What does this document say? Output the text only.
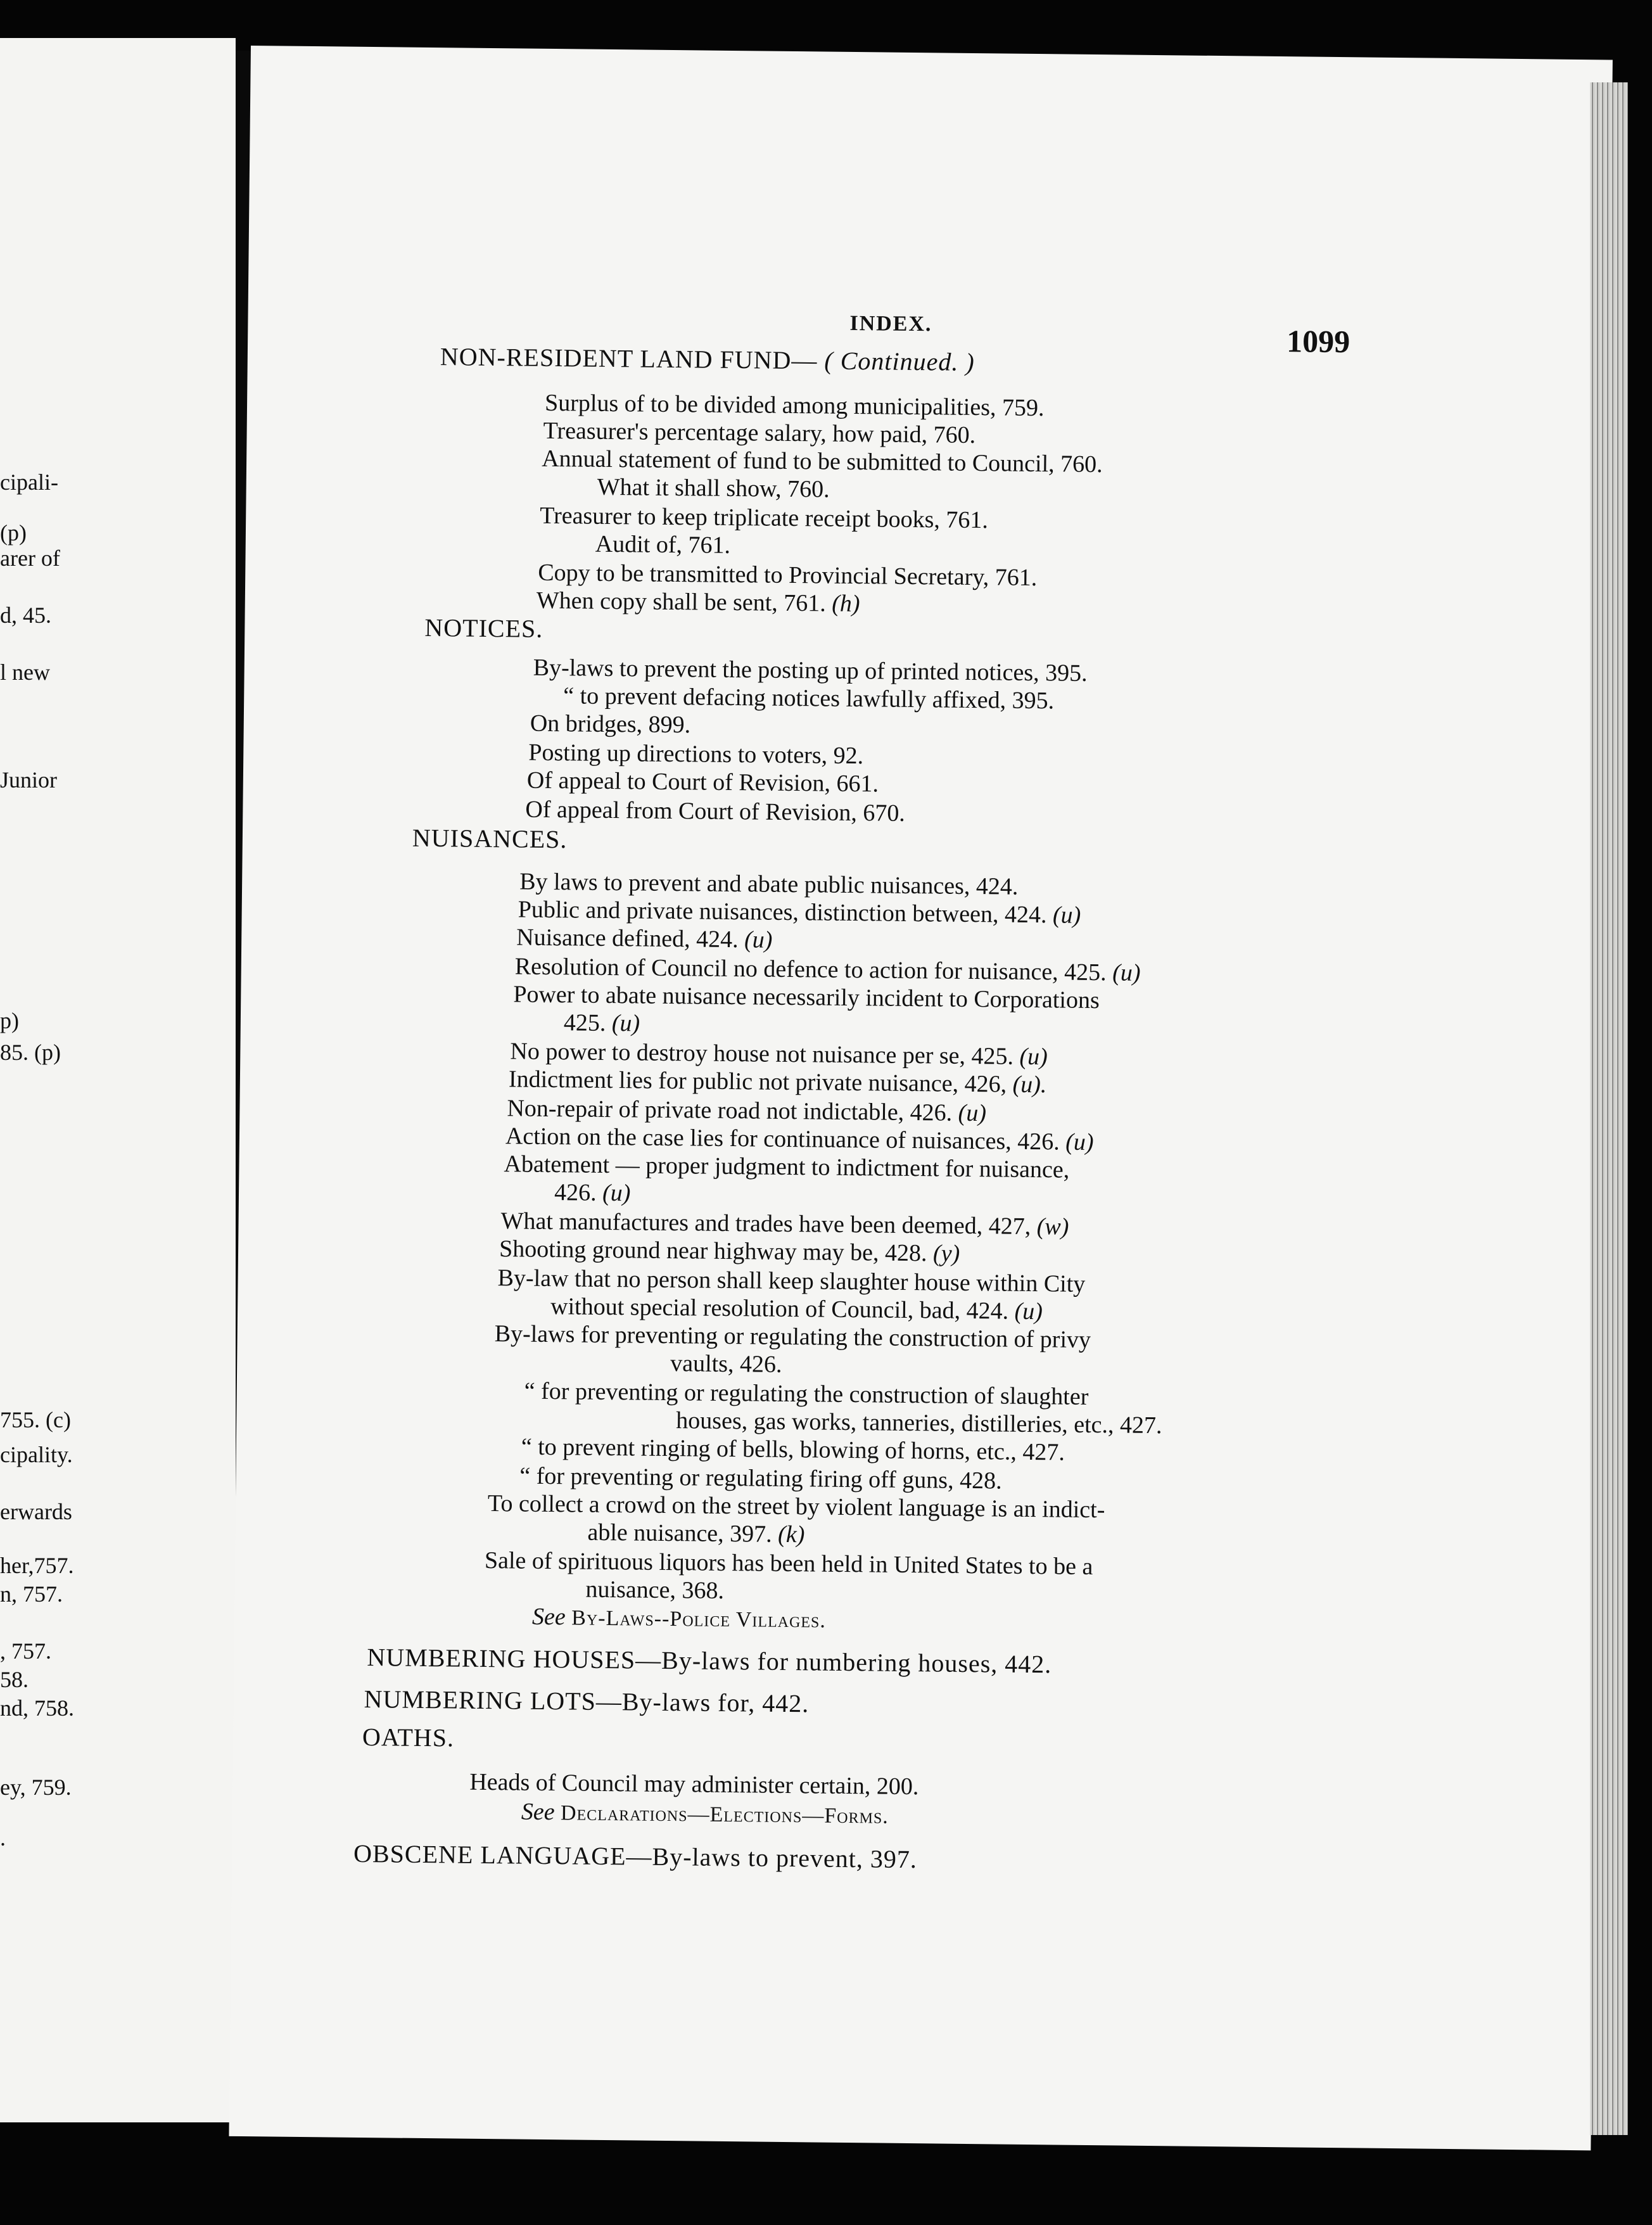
cipali-
(p)
arer of
d, 45.
l new
Junior
p)
85. (p)
755. (c)
cipality.
erwards
her,757.
n, 757.
, 757.
58.
nd, 758.
ey, 759.
.
INDEX.	1099
NON-RESIDENT LAND FUND— ( Continued. )
Surplus of to be divided among municipalities, 759.
Treasurer's percentage salary, how paid, 760.
Annual statement of fund to be submitted to Council, 760.
What it shall show, 760.
Treasurer to keep triplicate receipt books, 761.
Audit of, 761.
Copy to be transmitted to Provincial Secretary, 761.
When copy shall be sent, 761. (h)
NOTICES.
By-laws to prevent the posting up of printed notices, 395.
“ to prevent defacing notices lawfully affixed, 395.
On bridges, 899.
Posting up directions to voters, 92.
Of appeal to Court of Revision, 661.
Of appeal from Court of Revision, 670.
NUISANCES.
By laws to prevent and abate public nuisances, 424.
Public and private nuisances, distinction between, 424. (u)
Nuisance defined, 424. (u)
Resolution of Council no defence to action for nuisance, 425. (u)
Power to abate nuisance necessarily incident to Corporations
425. (u)
No power to destroy house not nuisance per se, 425. (u)
Indictment lies for public not private nuisance, 426, (u).
Non-repair of private road not indictable, 426. (u)
Action on the case lies for continuance of nuisances, 426. (u)
Abatement — proper judgment to indictment for nuisance,
426. (u)
What manufactures and trades have been deemed, 427, (w)
Shooting ground near highway may be, 428. (y)
By-law that no person shall keep slaughter house within City
without special resolution of Council, bad, 424. (u)
By-laws for preventing or regulating the construction of privy
vaults, 426.
“ for preventing or regulating the construction of slaughter
houses, gas works, tanneries, distilleries, etc., 427.
“ to prevent ringing of bells, blowing of horns, etc., 427.
“ for preventing or regulating firing off guns, 428.
To collect a crowd on the street by violent language is an indict-
able nuisance, 397. (k)
Sale of spirituous liquors has been held in United States to be a
nuisance, 368.
See By-Laws--Police Villages.
NUMBERING HOUSES—By-laws for numbering houses, 442.
NUMBERING LOTS—By-laws for, 442.
OATHS.
Heads of Council may administer certain, 200.
See Declarations—Elections—Forms.
OBSCENE LANGUAGE—By-laws to prevent, 397.
